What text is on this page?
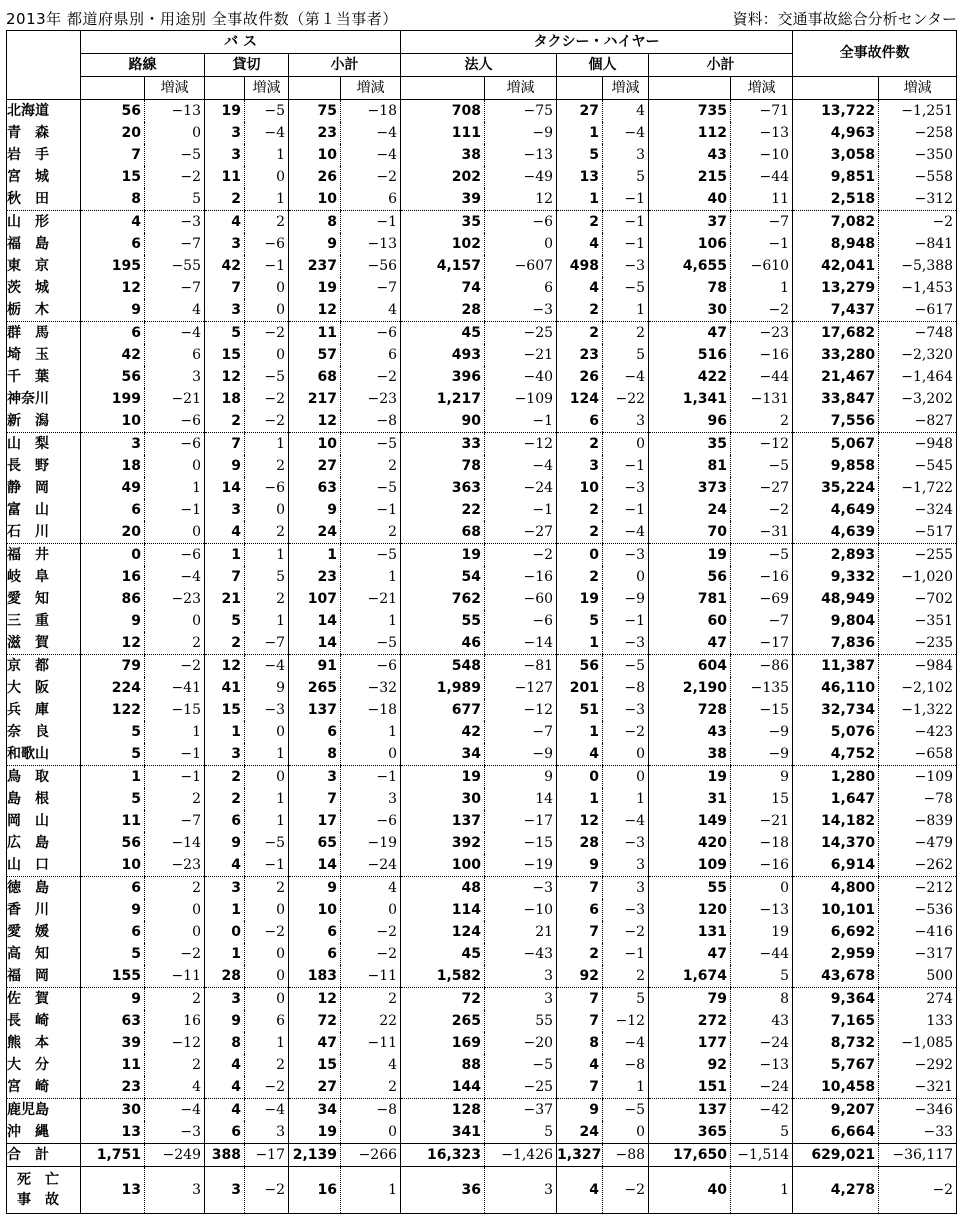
2013年 都道府県別・用途別 全事故件数（第１当事者）	資料：交通事故総合分析センター
	バ ス						タクシー・ハイヤー						全事故件数	
	路線		貸切		小計		法人		個人		小計			
		増減		増減		増減		増減		増減		増減		増減
北海道	56	−13	19	−5	75	−18	708	−75	27	4	735	−71	13,722	−1,251
青　森	20	0	3	−4	23	−4	111	−9	1	−4	112	−13	4,963	−258
岩　手	7	−5	3	1	10	−4	38	−13	5	3	43	−10	3,058	−350
宮　城	15	−2	11	0	26	−2	202	−49	13	5	215	−44	9,851	−558
秋　田	8	5	2	1	10	6	39	12	1	−1	40	11	2,518	−312
山　形	4	−3	4	2	8	−1	35	−6	2	−1	37	−7	7,082	−2
福　島	6	−7	3	−6	9	−13	102	0	4	−1	106	−1	8,948	−841
東　京	195	−55	42	−1	237	−56	4,157	−607	498	−3	4,655	−610	42,041	−5,388
茨　城	12	−7	7	0	19	−7	74	6	4	−5	78	1	13,279	−1,453
栃　木	9	4	3	0	12	4	28	−3	2	1	30	−2	7,437	−617
群　馬	6	−4	5	−2	11	−6	45	−25	2	2	47	−23	17,682	−748
埼　玉	42	6	15	0	57	6	493	−21	23	5	516	−16	33,280	−2,320
千　葉	56	3	12	−5	68	−2	396	−40	26	−4	422	−44	21,467	−1,464
神奈川	199	−21	18	−2	217	−23	1,217	−109	124	−22	1,341	−131	33,847	−3,202
新　潟	10	−6	2	−2	12	−8	90	−1	6	3	96	2	7,556	−827
山　梨	3	−6	7	1	10	−5	33	−12	2	0	35	−12	5,067	−948
長　野	18	0	9	2	27	2	78	−4	3	−1	81	−5	9,858	−545
静　岡	49	1	14	−6	63	−5	363	−24	10	−3	373	−27	35,224	−1,722
富　山	6	−1	3	0	9	−1	22	−1	2	−1	24	−2	4,649	−324
石　川	20	0	4	2	24	2	68	−27	2	−4	70	−31	4,639	−517
福　井	0	−6	1	1	1	−5	19	−2	0	−3	19	−5	2,893	−255
岐　阜	16	−4	7	5	23	1	54	−16	2	0	56	−16	9,332	−1,020
愛　知	86	−23	21	2	107	−21	762	−60	19	−9	781	−69	48,949	−702
三　重	9	0	5	1	14	1	55	−6	5	−1	60	−7	9,804	−351
滋　賀	12	2	2	−7	14	−5	46	−14	1	−3	47	−17	7,836	−235
京　都	79	−2	12	−4	91	−6	548	−81	56	−5	604	−86	11,387	−984
大　阪	224	−41	41	9	265	−32	1,989	−127	201	−8	2,190	−135	46,110	−2,102
兵　庫	122	−15	15	−3	137	−18	677	−12	51	−3	728	−15	32,734	−1,322
奈　良	5	1	1	0	6	1	42	−7	1	−2	43	−9	5,076	−423
和歌山	5	−1	3	1	8	0	34	−9	4	0	38	−9	4,752	−658
鳥　取	1	−1	2	0	3	−1	19	9	0	0	19	9	1,280	−109
島　根	5	2	2	1	7	3	30	14	1	1	31	15	1,647	−78
岡　山	11	−7	6	1	17	−6	137	−17	12	−4	149	−21	14,182	−839
広　島	56	−14	9	−5	65	−19	392	−15	28	−3	420	−18	14,370	−479
山　口	10	−23	4	−1	14	−24	100	−19	9	3	109	−16	6,914	−262
徳　島	6	2	3	2	9	4	48	−3	7	3	55	0	4,800	−212
香　川	9	0	1	0	10	0	114	−10	6	−3	120	−13	10,101	−536
愛　媛	6	0	0	−2	6	−2	124	21	7	−2	131	19	6,692	−416
高　知	5	−2	1	0	6	−2	45	−43	2	−1	47	−44	2,959	−317
福　岡	155	−11	28	0	183	−11	1,582	3	92	2	1,674	5	43,678	500
佐　賀	9	2	3	0	12	2	72	3	7	5	79	8	9,364	274
長　崎	63	16	9	6	72	22	265	55	7	−12	272	43	7,165	133
熊　本	39	−12	8	1	47	−11	169	−20	8	−4	177	−24	8,732	−1,085
大　分	11	2	4	2	15	4	88	−5	4	−8	92	−13	5,767	−292
宮　崎	23	4	4	−2	27	2	144	−25	7	1	151	−24	10,458	−321
鹿児島	30	−4	4	−4	34	−8	128	−37	9	−5	137	−42	9,207	−346
沖　縄	13	−3	6	3	19	0	341	5	24	0	365	5	6,664	−33
合　計	1,751	−249	388	−17	2,139	−266	16,323	−1,426	1,327	−88	17,650	−1,514	629,021	−36,117

死　亡
事　故	13	3	3	−2	16	1	36	3	4	−2	40	1	4,278	−2
